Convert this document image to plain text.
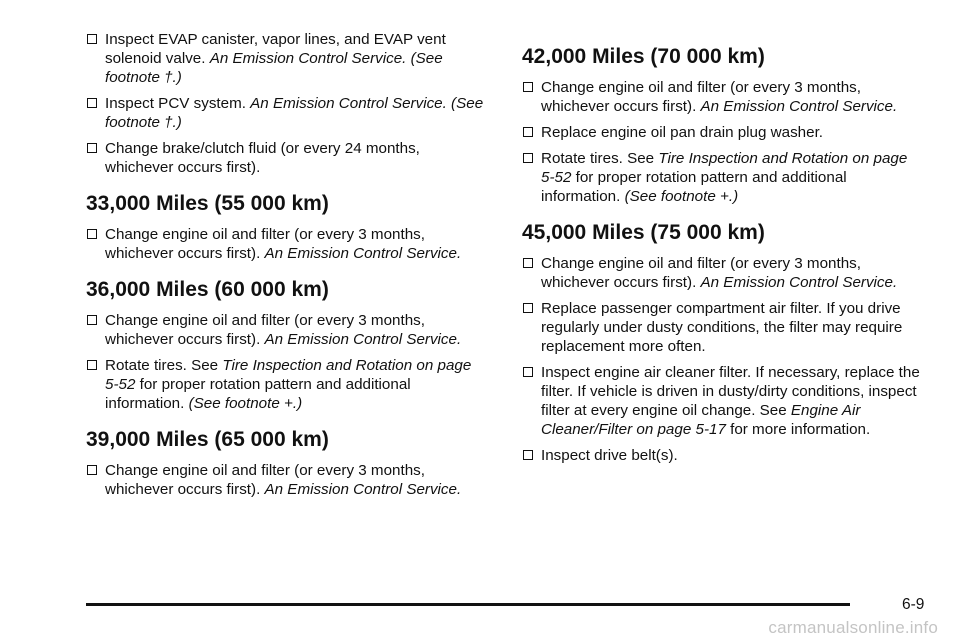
Inspect EVAP canister, vapor lines, and EVAP vent solenoid valve. An Emission Control Service. (See footnote †.)
Inspect PCV system. An Emission Control Service. (See footnote †.)
Change brake/clutch fluid (or every 24 months, whichever occurs first).
33,000 Miles (55 000 km)
Change engine oil and filter (or every 3 months, whichever occurs first). An Emission Control Service.
36,000 Miles (60 000 km)
Change engine oil and filter (or every 3 months, whichever occurs first). An Emission Control Service.
Rotate tires. See Tire Inspection and Rotation on page 5-52 for proper rotation pattern and additional information. (See footnote +.)
39,000 Miles (65 000 km)
Change engine oil and filter (or every 3 months, whichever occurs first). An Emission Control Service.
42,000 Miles (70 000 km)
Change engine oil and filter (or every 3 months, whichever occurs first). An Emission Control Service.
Replace engine oil pan drain plug washer.
Rotate tires. See Tire Inspection and Rotation on page 5-52 for proper rotation pattern and additional information. (See footnote +.)
45,000 Miles (75 000 km)
Change engine oil and filter (or every 3 months, whichever occurs first). An Emission Control Service.
Replace passenger compartment air filter. If you drive regularly under dusty conditions, the filter may require replacement more often.
Inspect engine air cleaner filter. If necessary, replace the filter. If vehicle is driven in dusty/dirty conditions, inspect filter at every engine oil change. See Engine Air Cleaner/Filter on page 5-17 for more information.
Inspect drive belt(s).
6-9
carmanualsonline.info
